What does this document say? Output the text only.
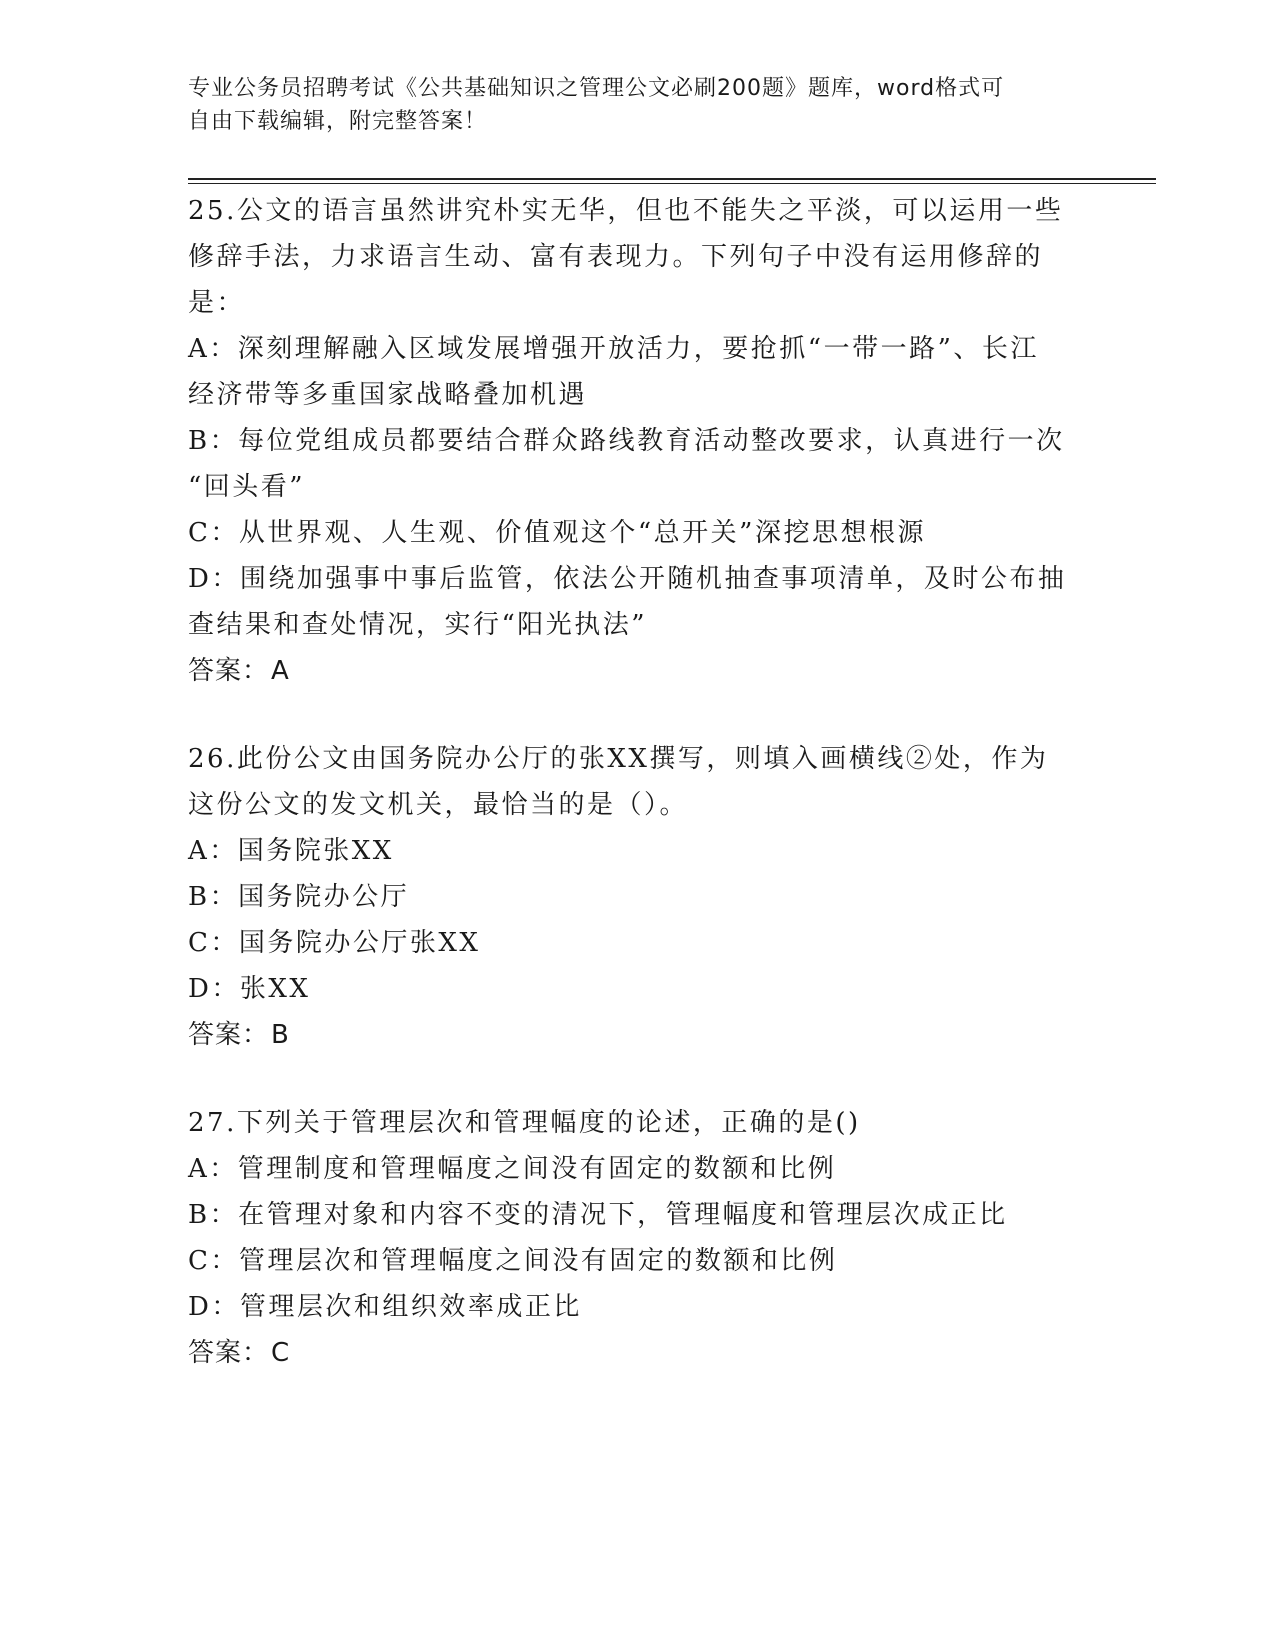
专业公务员招聘考试《公共基础知识之管理公文必刷200题》题库，word格式可
自由下载编辑，附完整答案！
25.公文的语言虽然讲究朴实无华，但也不能失之平淡，可以运用一些
修辞手法，力求语言生动、富有表现力。下列句子中没有运用修辞的
是：
A：深刻理解融入区域发展增强开放活力，要抢抓“一带一路”、长江
经济带等多重国家战略叠加机遇
B：每位党组成员都要结合群众路线教育活动整改要求，认真进行一次
“回头看”
C：从世界观、人生观、价值观这个“总开关”深挖思想根源
D：围绕加强事中事后监管，依法公开随机抽查事项清单，及时公布抽
查结果和查处情况，实行“阳光执法”
答案：A
26.此份公文由国务院办公厅的张XX撰写，则填入画横线②处，作为
这份公文的发文机关，最恰当的是（）。
A：国务院张XX
B：国务院办公厅
C：国务院办公厅张XX
D：张XX
答案：B
27.下列关于管理层次和管理幅度的论述，正确的是()
A：管理制度和管理幅度之间没有固定的数额和比例
B：在管理对象和内容不变的清况下，管理幅度和管理层次成正比
C：管理层次和管理幅度之间没有固定的数额和比例
D：管理层次和组织效率成正比
答案：C
